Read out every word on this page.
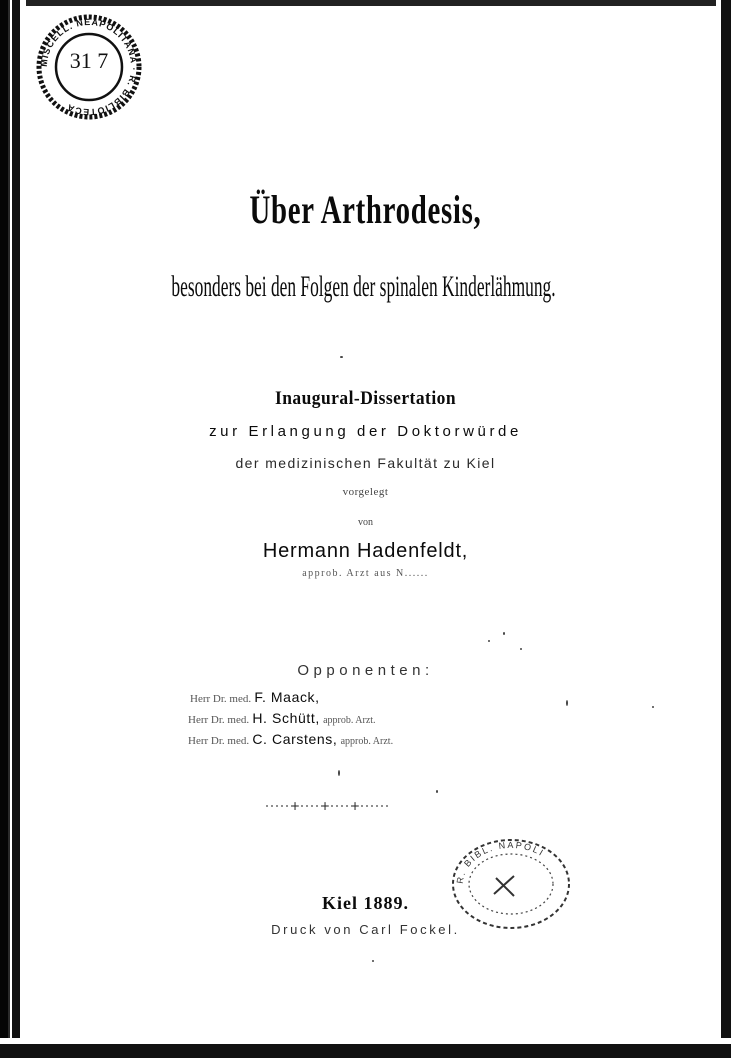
MISCELL. NEAPOLITANA · R. BIBLIOTECA
31 7
Über Arthrodesis,
besonders bei den Folgen der spinalen Kinderlähmung.
Inaugural-Dissertation
zur Erlangung der Doktorwürde
der medizinischen Fakultät zu Kiel
vorgelegt
von
Hermann Hadenfeldt,
approb. Arzt aus N......
Opponenten:
Herr Dr. med. F. Maack,
Herr Dr. med. H. Schütt, approb. Arzt.
Herr Dr. med. C. Carstens, approb. Arzt.
+ + +
R. BIBL. NAPOLI
Kiel 1889.
Druck von Carl Fockel.
